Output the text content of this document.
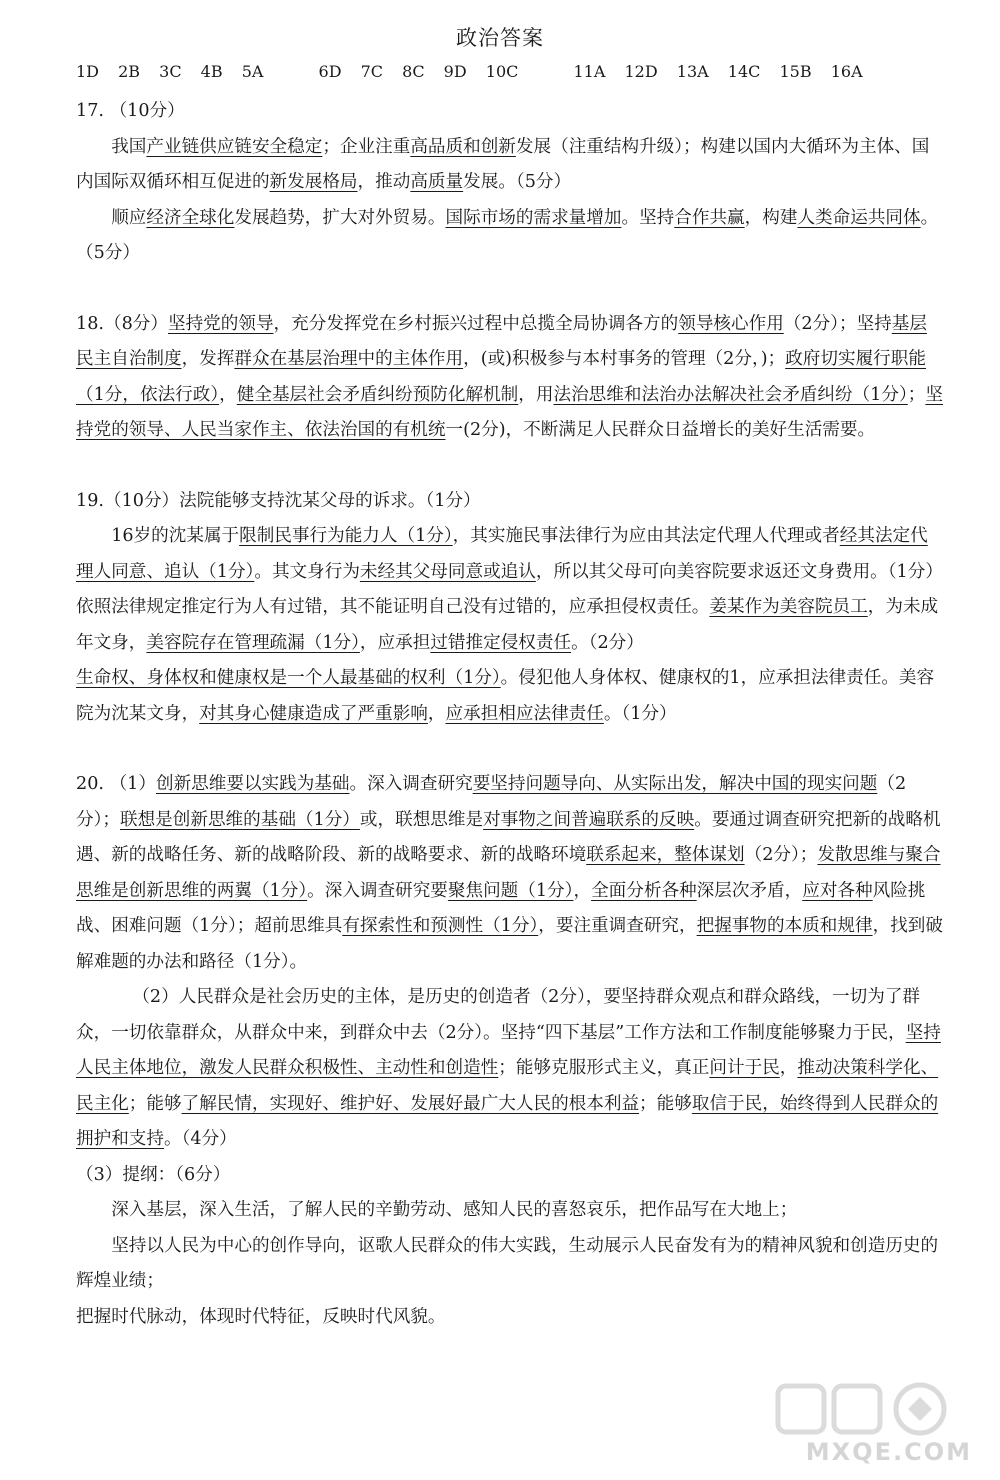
政治答案
1D 2B 3C 4B 5A	6D 7C 8C 9D 10C	11A 12D 13A 14C 15B 16A

17. （10分）

我国产业链供应链安全稳定；企业注重高品质和创新发展（注重结构升级）；构建以国内大循环为主体、国内国际双循环相互促进的新发展格局，推动高质量发展。（5分）

顺应经济全球化发展趋势，扩大对外贸易。国际市场的需求量增加。坚持合作共赢，构建人类命运共同体。（5分）

18.（8分）坚持党的领导，充分发挥党在乡村振兴过程中总揽全局协调各方的领导核心作用（2分）；坚持基层民主自治制度，发挥群众在基层治理中的主体作用，(或)积极参与本村事务的管理（2分，)；政府切实履行职能（1分，依法行政），健全基层社会矛盾纠纷预防化解机制，用法治思维和法治办法解决社会矛盾纠纷（1分）；坚持党的领导、人民当家作主、依法治国的有机统一(2分)，不断满足人民群众日益增长的美好生活需要。

19.（10分）法院能够支持沈某父母的诉求。（1分）

16岁的沈某属于限制民事行为能力人（1分），其实施民事法律行为应由其法定代理人代理或者经其法定代理人同意、追认（1分）。其文身行为未经其父母同意或追认，所以其父母可向美容院要求返还文身费用。（1分）

依照法律规定推定行为人有过错，其不能证明自己没有过错的，应承担侵权责任。姜某作为美容院员工，为未成年文身，美容院存在管理疏漏（1分），应承担过错推定侵权责任。（2分）

生命权、身体权和健康权是一个人最基础的权利（1分）。侵犯他人身体权、健康权的1，应承担法律责任。美容院为沈某文身，对其身心健康造成了严重影响，应承担相应法律责任。（1分）

20. （1）创新思维要以实践为基础。深入调查研究要坚持问题导向、从实际出发，解决中国的现实问题（2分）；联想是创新思维的基础（1分）或，联想思维是对事物之间普遍联系的反映。要通过调查研究把新的战略机遇、新的战略任务、新的战略阶段、新的战略要求、新的战略环境联系起来，整体谋划（2分）；发散思维与聚合思维是创新思维的两翼（1分）。深入调查研究要聚焦问题（1分），全面分析各种深层次矛盾，应对各种风险挑战、困难问题（1分）；超前思维具有探索性和预测性（1分），要注重调查研究，把握事物的本质和规律，找到破解难题的办法和路径（1分）。

（2）人民群众是社会历史的主体，是历史的创造者（2分），要坚持群众观点和群众路线，一切为了群众，一切依靠群众，从群众中来，到群众中去（2分）。坚持“四下基层”工作方法和工作制度能够聚力于民，坚持人民主体地位，激发人民群众积极性、主动性和创造性；能够克服形式主义，真正问计于民，推动决策科学化、民主化；能够了解民情，实现好、维护好、发展好最广大人民的根本利益；能够取信于民，始终得到人民群众的拥护和支持。（4分）

（3）提纲：（6分）

深入基层，深入生活，了解人民的辛勤劳动、感知人民的喜怒哀乐，把作品写在大地上；

坚持以人民为中心的创作导向，讴歌人民群众的伟大实践，生动展示人民奋发有为的精神风貌和创造历史的辉煌业绩；

把握时代脉动，体现时代特征，反映时代风貌。

MXQE.COM
